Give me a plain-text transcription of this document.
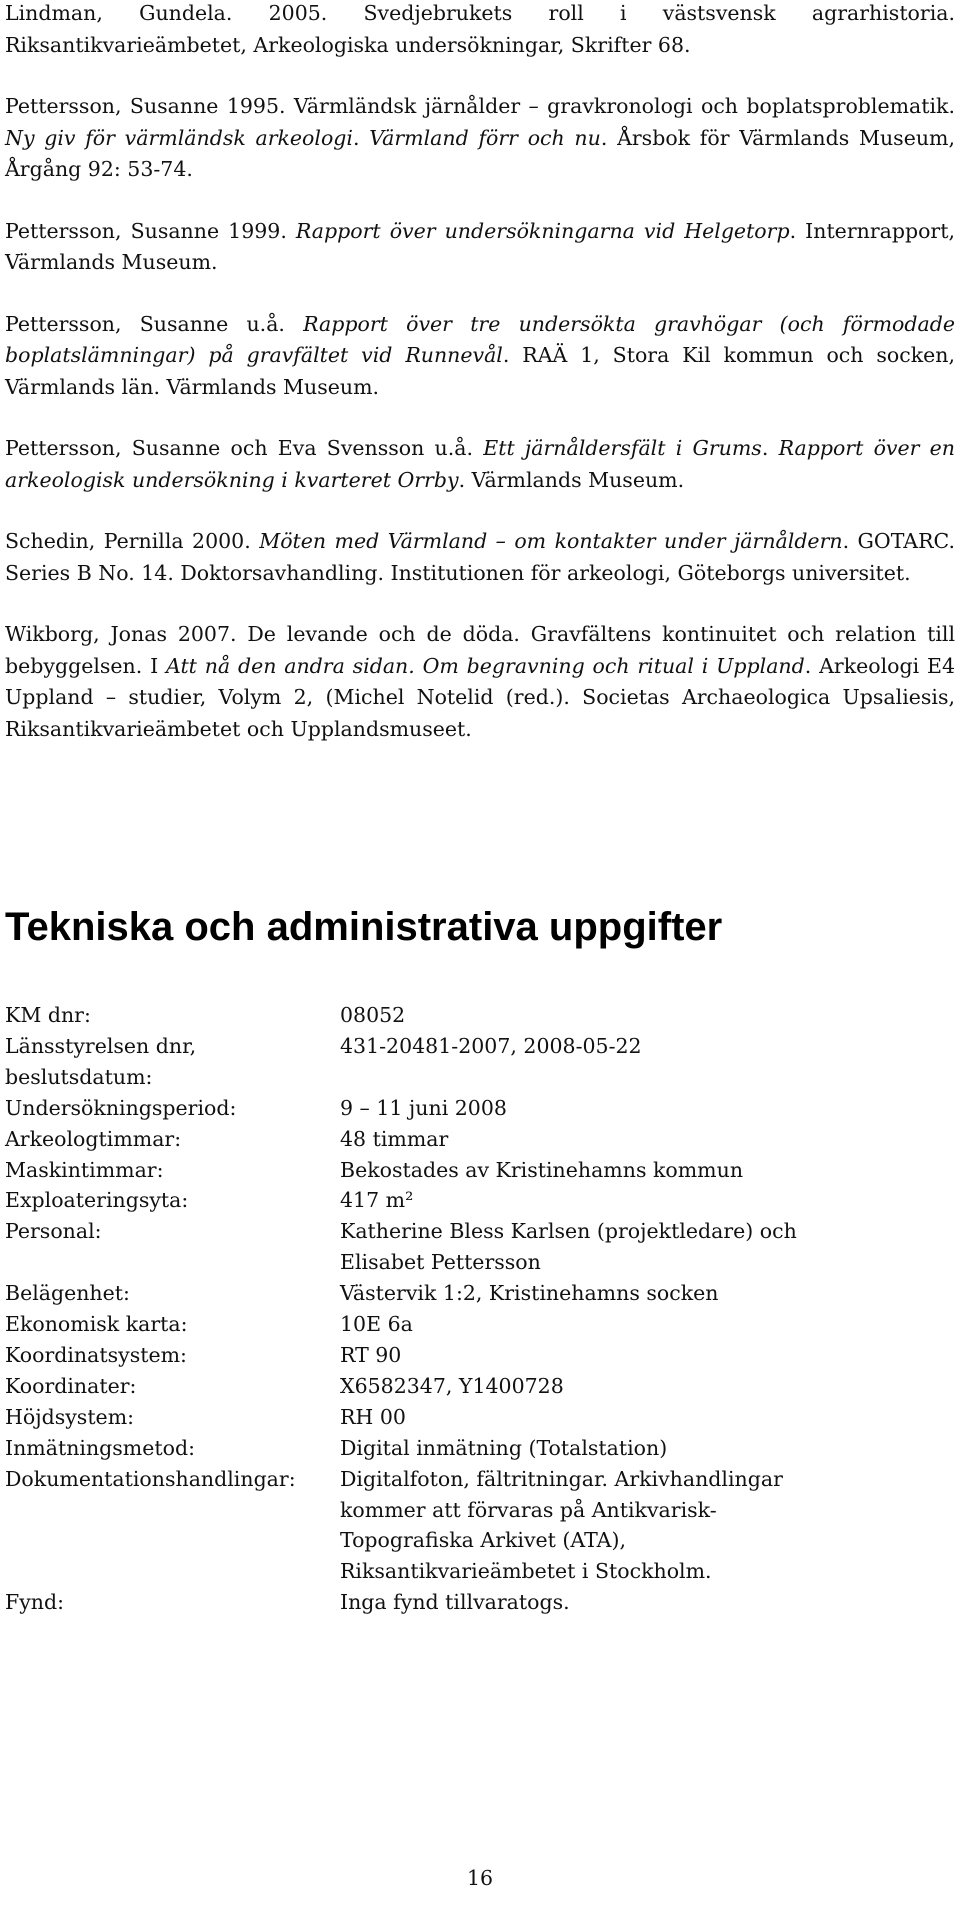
Lindman, Gundela. 2005. Svedjebrukets roll i västsvensk agrarhistoria. Riksantikvarieämbetet, Arkeologiska undersökningar, Skrifter 68.

Pettersson, Susanne 1995. Värmländsk järnålder – gravkronologi och boplatsproblematik. Ny giv för värmländsk arkeologi. Värmland förr och nu. Årsbok för Värmlands Museum, Årgång 92: 53-74.

Pettersson, Susanne 1999. Rapport över undersökningarna vid Helgetorp. Internrapport, Värmlands Museum.

Pettersson, Susanne u.å. Rapport över tre undersökta gravhögar (och förmodade boplatslämningar) på gravfältet vid Runnevål. RAÄ 1, Stora Kil kommun och socken, Värmlands län. Värmlands Museum.

Pettersson, Susanne och Eva Svensson u.å. Ett järnåldersfält i Grums. Rapport över en arkeologisk undersökning i kvarteret Orrby. Värmlands Museum.

Schedin, Pernilla 2000. Möten med Värmland – om kontakter under järnåldern. GOTARC. Series B No. 14. Doktorsavhandling. Institutionen för arkeologi, Göteborgs universitet.

Wikborg, Jonas 2007. De levande och de döda. Gravfältens kontinuitet och relation till bebyggelsen. I Att nå den andra sidan. Om begravning och ritual i Uppland. Arkeologi E4 Uppland – studier, Volym 2, (Michel Notelid (red.). Societas Archaeologica Upsaliesis, Riksantikvarieämbetet och Upplandsmuseet.

Tekniska och administrativa uppgifter
KM dnr:	08052
Länsstyrelsen dnr, beslutsdatum:
431-20481-2007, 2008-05-22
Undersökningsperiod:	9 – 11 juni 2008
Arkeologtimmar:	48 timmar
Maskintimmar:	Bekostades av Kristinehamns kommun
Exploateringsyta:	417 m²
Personal:	Katherine Bless Karlsen (projektledare) och
Elisabet Pettersson
Belägenhet:	Västervik 1:2, Kristinehamns socken
Ekonomisk karta:	10E 6a
Koordinatsystem:	RT 90
Koordinater:	X6582347, Y1400728
Höjdsystem:	RH 00
Inmätningsmetod:	Digital inmätning (Totalstation)
Dokumentationshandlingar:	Digitalfoton, fältritningar. Arkivhandlingar
kommer att förvaras på Antikvarisk-
Topografiska Arkivet (ATA),
Riksantikvarieämbetet i Stockholm.
Fynd:	Inga fynd tillvaratogs.
16
